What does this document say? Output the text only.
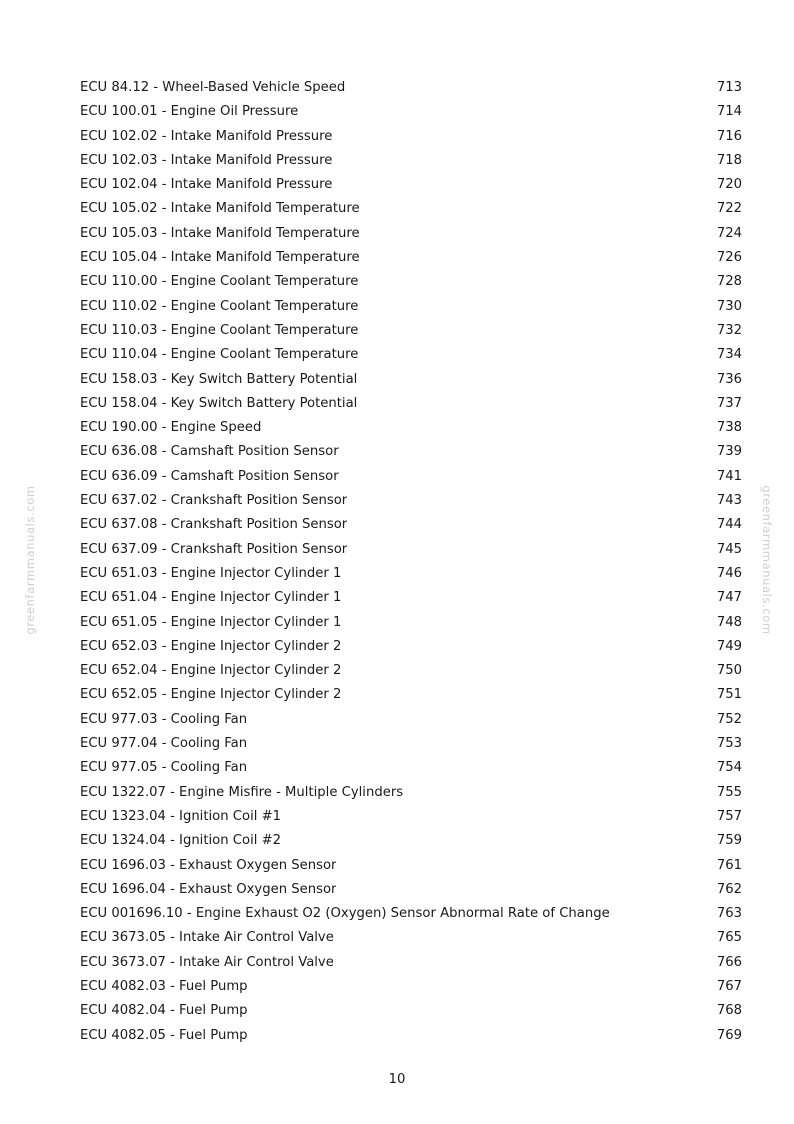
greenfarmmanuals.com	greenfarmmanuals.com
ECU 84.12 - Wheel-Based Vehicle Speed	713
ECU 100.01 - Engine Oil Pressure	714
ECU 102.02 - Intake Manifold Pressure	716
ECU 102.03 - Intake Manifold Pressure	718
ECU 102.04 - Intake Manifold Pressure	720
ECU 105.02 - Intake Manifold Temperature	722
ECU 105.03 - Intake Manifold Temperature	724
ECU 105.04 - Intake Manifold Temperature	726
ECU 110.00 - Engine Coolant Temperature	728
ECU 110.02 - Engine Coolant Temperature	730
ECU 110.03 - Engine Coolant Temperature	732
ECU 110.04 - Engine Coolant Temperature	734
ECU 158.03 - Key Switch Battery Potential	736
ECU 158.04 - Key Switch Battery Potential	737
ECU 190.00 - Engine Speed	738
ECU 636.08 - Camshaft Position Sensor	739
ECU 636.09 - Camshaft Position Sensor	741
ECU 637.02 - Crankshaft Position Sensor	743
ECU 637.08 - Crankshaft Position Sensor	744
ECU 637.09 - Crankshaft Position Sensor	745
ECU 651.03 - Engine Injector Cylinder 1	746
ECU 651.04 - Engine Injector Cylinder 1	747
ECU 651.05 - Engine Injector Cylinder 1	748
ECU 652.03 - Engine Injector Cylinder 2	749
ECU 652.04 - Engine Injector Cylinder 2	750
ECU 652.05 - Engine Injector Cylinder 2	751
ECU 977.03 - Cooling Fan	752
ECU 977.04 - Cooling Fan	753
ECU 977.05 - Cooling Fan	754
ECU 1322.07 - Engine Misfire - Multiple Cylinders	755
ECU 1323.04 - Ignition Coil #1	757
ECU 1324.04 - Ignition Coil #2	759
ECU 1696.03 - Exhaust Oxygen Sensor	761
ECU 1696.04 - Exhaust Oxygen Sensor	762
ECU 001696.10 - Engine Exhaust O2 (Oxygen) Sensor Abnormal Rate of Change	763
ECU 3673.05 - Intake Air Control Valve	765
ECU 3673.07 - Intake Air Control Valve	766
ECU 4082.03 - Fuel Pump	767
ECU 4082.04 - Fuel Pump	768
ECU 4082.05 - Fuel Pump	769
10
